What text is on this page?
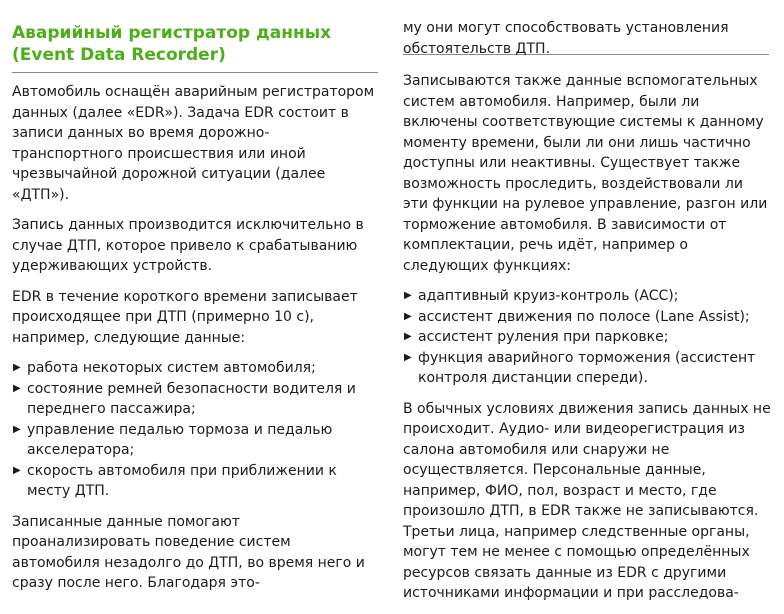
Аварийный регистратор данных (Event Data Recorder)

Автомобиль оснащён аварийным регистратором данных (далее «EDR»). Задача EDR состоит в записи данных во время дорожно-транспортного происшествия или иной чрезвычайной дорожной ситуации (далее «ДТП»).

Запись данных производится исключительно в случае ДТП, которое привело к срабатыванию удерживающих устройств.

EDR в течение короткого времени записывает происходящее при ДТП (примерно 10 с), например, следующие данные:

▶ работа некоторых систем автомобиля;
▶ состояние ремней безопасности водителя и переднего пассажира;
▶ управление педалью тормоза и педалью акселератора;
▶ скорость автомобиля при приближении к месту ДТП.

Записанные данные помогают проанализировать поведение систем автомобиля незадолго до ДТП, во время него и сразу после него. Благодаря это-

му они могут способствовать установления обстоятельств ДТП.

Записываются также данные вспомогательных систем автомобиля. Например, были ли включены соответствующие системы к данному моменту времени, были ли они лишь частично доступны или неактивны. Существует также возможность проследить, воздействовали ли эти функции на рулевое управление, разгон или торможение автомобиля. В зависимости от комплектации, речь идёт, например о следующих функциях:

▶ адаптивный круиз-контроль (ACC);
▶ ассистент движения по полосе (Lane Assist);
▶ ассистент руления при парковке;
▶ функция аварийного торможения (ассистент контроля дистанции спереди).

В обычных условиях движения запись данных не происходит. Аудио- или видеорегистрация из салона автомобиля или снаружи не осуществляется. Персональные данные, например, ФИО, пол, возраст и место, где произошло ДТП, в EDR также не записываются. Третьи лица, например следственные органы, могут тем не менее с помощью определённых ресурсов связать данные из EDR с другими источниками информации и при расследова-
